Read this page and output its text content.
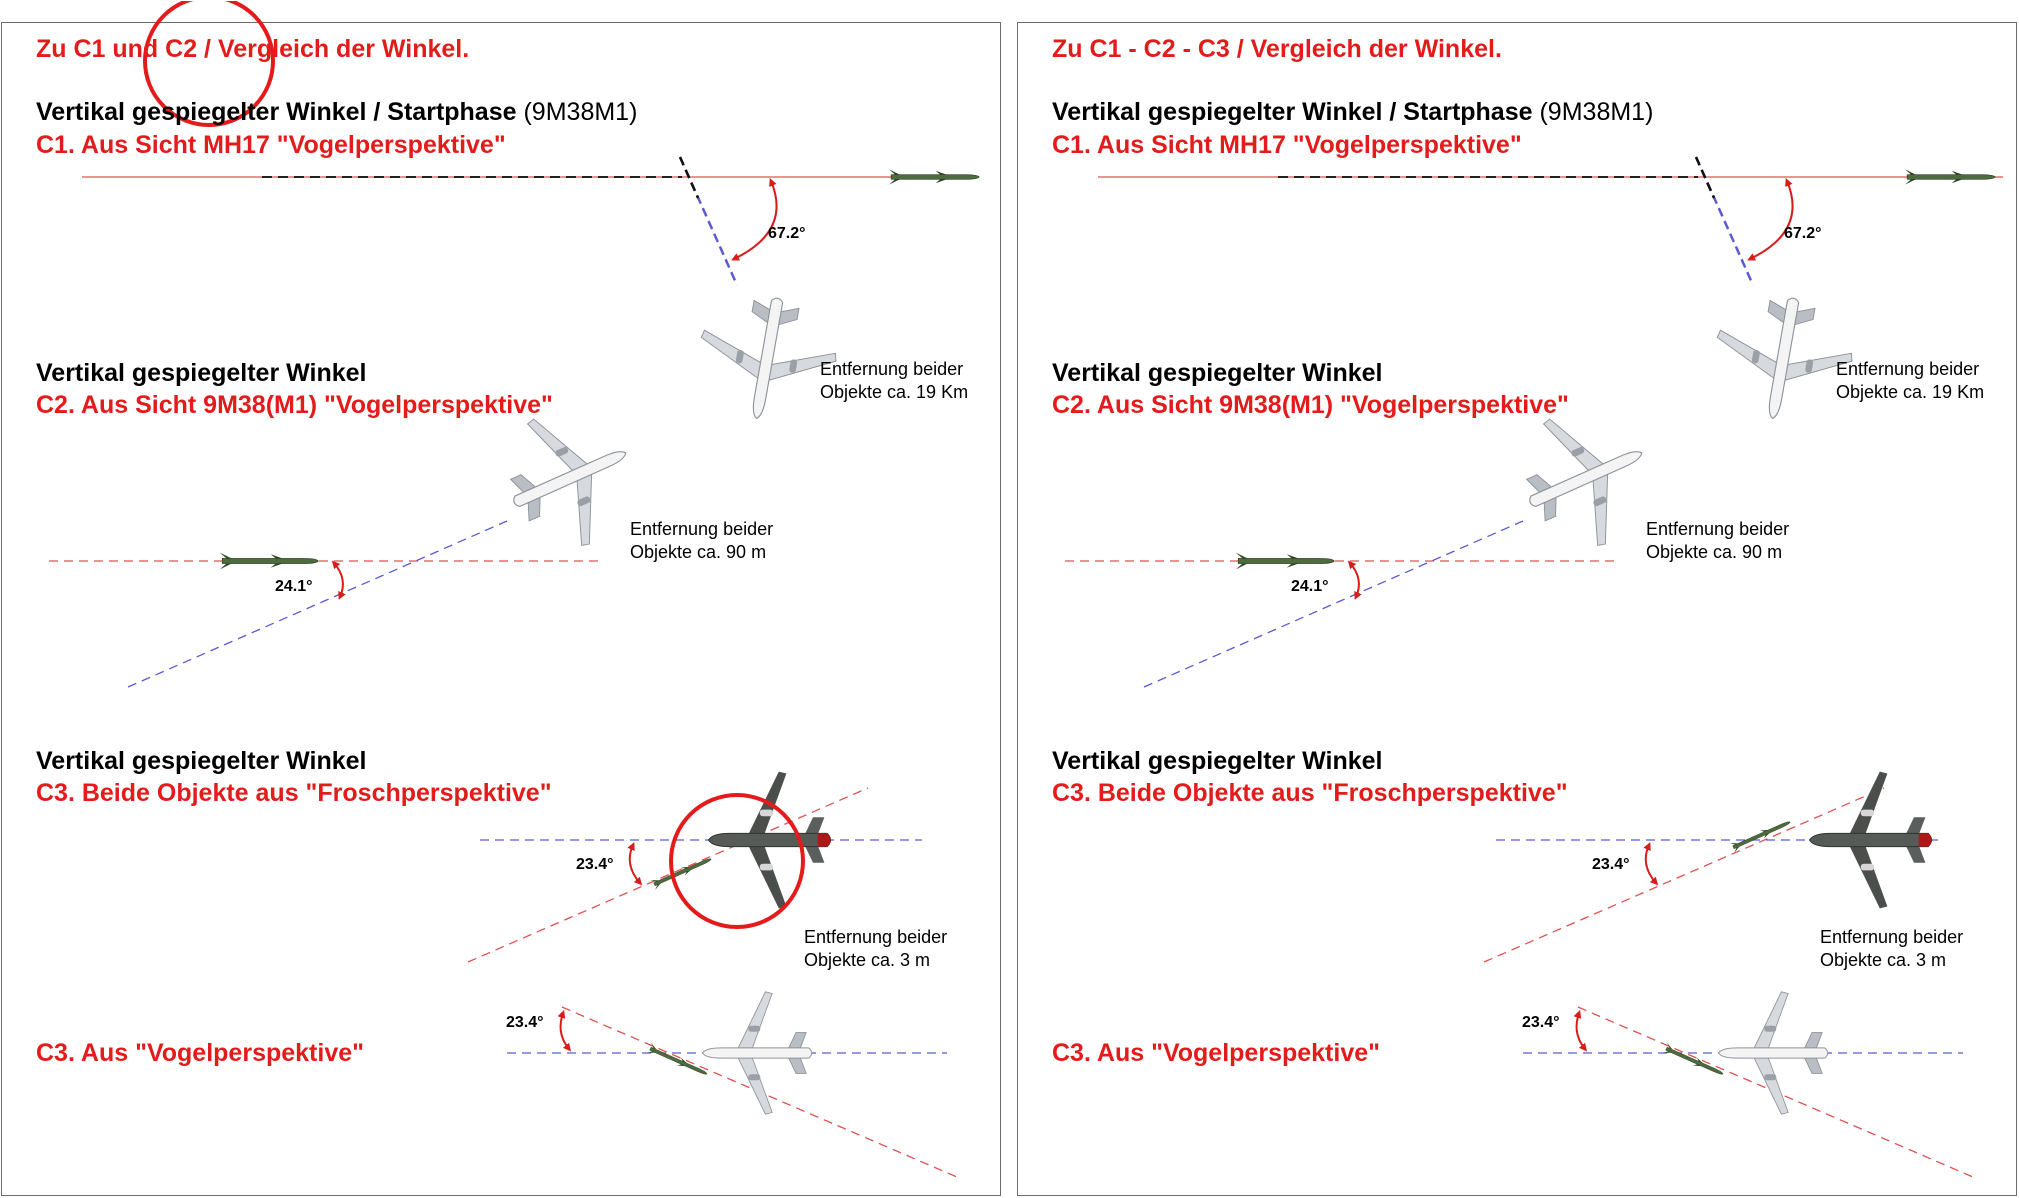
Zu C1 und C2 / Vergleich der Winkel.
Vertikal gespiegelter Winkel / Startphase (9M38M1)
C1. Aus Sicht MH17 "Vogelperspektive"
67.2°
Entfernung beider
Objekte ca. 19 Km
Vertikal gespiegelter Winkel
C2. Aus Sicht 9M38(M1) "Vogelperspektive"
24.1°
Entfernung beider
Objekte ca. 90 m
Vertikal gespiegelter Winkel
C3. Beide Objekte aus "Froschperspektive"
23.4°
Entfernung beider
Objekte ca. 3 m
C3. Aus "Vogelperspektive"
23.4°
Zu C1 - C2 - C3 / Vergleich der Winkel.
Vertikal gespiegelter Winkel / Startphase (9M38M1)
C1. Aus Sicht MH17 "Vogelperspektive"
67.2°
Entfernung beider
Objekte ca. 19 Km
Vertikal gespiegelter Winkel
C2. Aus Sicht 9M38(M1) "Vogelperspektive"
24.1°
Entfernung beider
Objekte ca. 90 m
Vertikal gespiegelter Winkel
C3. Beide Objekte aus "Froschperspektive"
23.4°
Entfernung beider
Objekte ca. 3 m
C3. Aus "Vogelperspektive"
23.4°
